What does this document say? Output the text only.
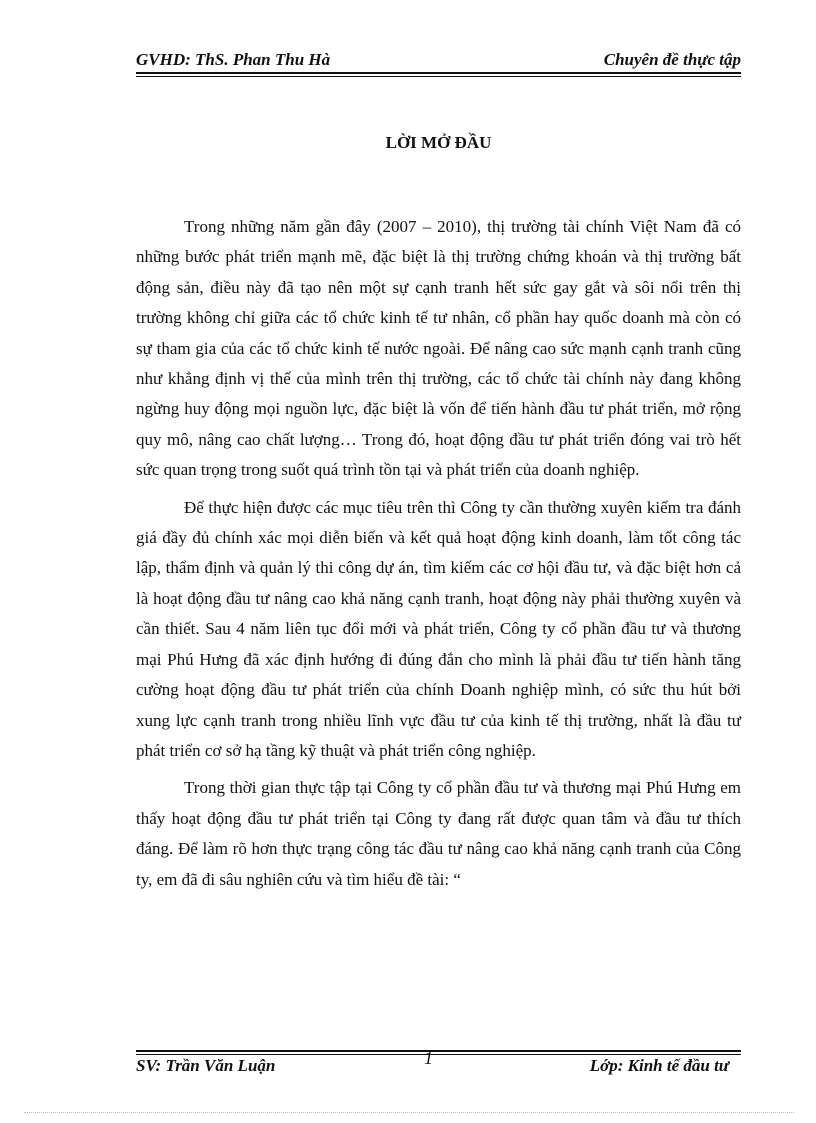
GVHD: ThS. Phan Thu Hà	Chuyên đề thực tập
LỜI MỞ ĐẦU

Trong những năm gần đây (2007 – 2010), thị trường tài chính Việt Nam đã có những bước phát triển mạnh mẽ, đặc biệt là thị trường chứng khoán và thị trường bất động sản, điều này đã tạo nên một sự cạnh tranh hết sức gay gắt và sôi nổi trên thị trường không chỉ giữa các tổ chức kinh tế tư nhân, cổ phần hay quốc doanh mà còn có sự tham gia của các tổ chức kinh tế nước ngoài. Để nâng cao sức mạnh cạnh tranh cũng như khẳng định vị thế của mình trên thị trường, các tổ chức tài chính này đang không ngừng huy động mọi nguồn lực, đặc biệt là vốn để tiến hành đầu tư phát triển, mở rộng quy mô, nâng cao chất lượng… Trong đó, hoạt động đầu tư phát triển đóng vai trò hết sức quan trọng trong suốt quá trình tồn tại và phát triển của doanh nghiệp.

Để thực hiện được các mục tiêu trên thì Công ty cần thường xuyên kiểm tra đánh giá đầy đủ chính xác mọi diễn biến và kết quả hoạt động kinh doanh, làm tốt công tác lập, thẩm định và quản lý thi công dự án, tìm kiếm các cơ hội đầu tư, và đặc biệt hơn cả là hoạt động đầu tư nâng cao khả năng cạnh tranh, hoạt động này phải thường xuyên và cần thiết. Sau 4 năm liên tục đổi mới và phát triển, Công ty cổ phần đầu tư và thương mại Phú Hưng đã xác định hướng đi đúng đắn cho mình là phải đầu tư tiến hành tăng cường hoạt động đầu tư phát triển của chính Doanh nghiệp mình, có sức thu hút bởi xung lực cạnh tranh trong nhiều lĩnh vực đầu tư của kinh tế thị trường, nhất là đầu tư phát triển cơ sở hạ tầng kỹ thuật và phát triển công nghiệp.

Trong thời gian thực tập tại Công ty cổ phần đầu tư và thương mại Phú Hưng em thấy hoạt động đầu tư phát triển tại Công ty đang rất được quan tâm và đầu tư thích đáng. Để làm rõ hơn thực trạng công tác đầu tư nâng cao khả năng cạnh tranh của Công ty, em đã đi sâu nghiên cứu và tìm hiểu đề tài: “

SV: Trần Văn Luận	1	Lớp: Kinh tế đầu tư
